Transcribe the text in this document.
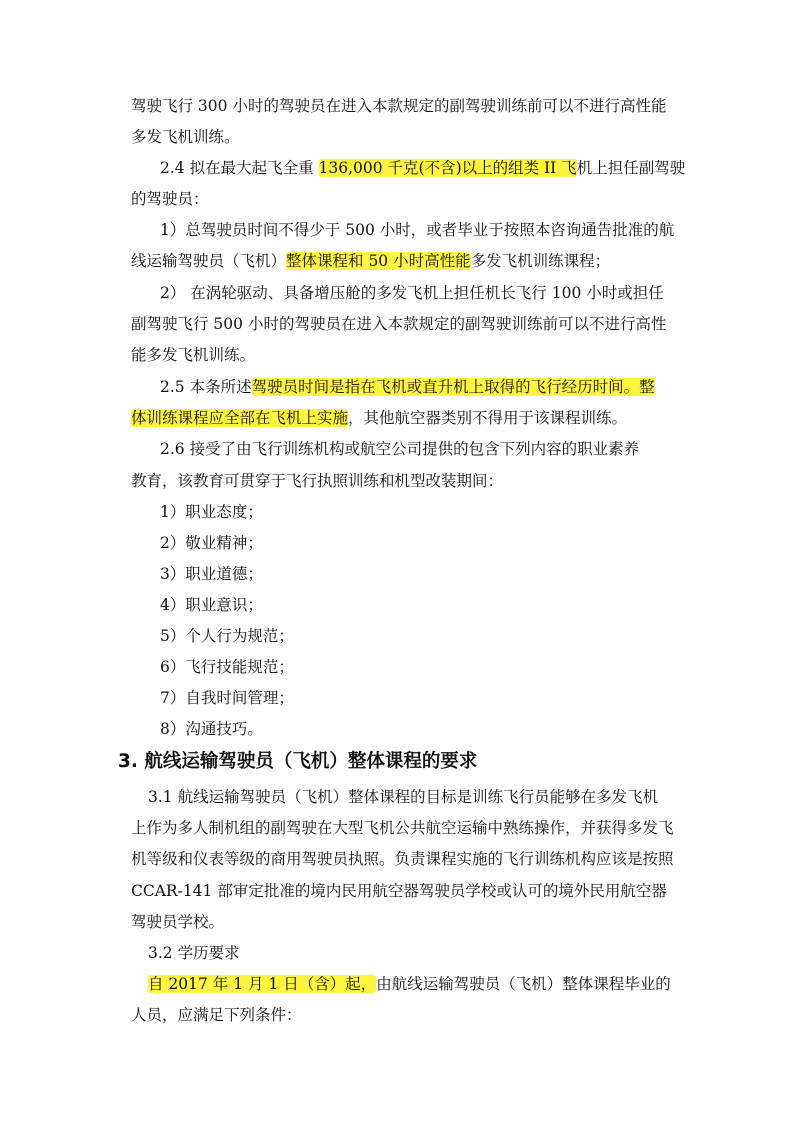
驾驶飞行 300 小时的驾驶员在进入本款规定的副驾驶训练前可以不进行高性能
多发飞机训练。
2.4 拟在最大起飞全重 136,000 千克(不含)以上的组类 II 飞机上担任副驾驶
的驾驶员：
1）总驾驶员时间不得少于 500 小时，或者毕业于按照本咨询通告批准的航
线运输驾驶员（飞机）整体课程和 50 小时高性能多发飞机训练课程；
2） 在涡轮驱动、具备增压舱的多发飞机上担任机长飞行 100 小时或担任
副驾驶飞行 500 小时的驾驶员在进入本款规定的副驾驶训练前可以不进行高性
能多发飞机训练。
2.5 本条所述驾驶员时间是指在飞机或直升机上取得的飞行经历时间。整
体训练课程应全部在飞机上实施，其他航空器类别不得用于该课程训练。
2.6 接受了由飞行训练机构或航空公司提供的包含下列内容的职业素养
教育，该教育可贯穿于飞行执照训练和机型改装期间：
1）职业态度；
2）敬业精神；
3）职业道德；
4）职业意识；
5）个人行为规范；
6）飞行技能规范；
7）自我时间管理；
8）沟通技巧。
3. 航线运输驾驶员（飞机）整体课程的要求
3.1 航线运输驾驶员（飞机）整体课程的目标是训练飞行员能够在多发飞机
上作为多人制机组的副驾驶在大型飞机公共航空运输中熟练操作，并获得多发飞
机等级和仪表等级的商用驾驶员执照。负责课程实施的飞行训练机构应该是按照
CCAR-141 部审定批准的境内民用航空器驾驶员学校或认可的境外民用航空器
驾驶员学校。
3.2 学历要求
自 2017 年 1 月 1 日（含）起，由航线运输驾驶员（飞机）整体课程毕业的
人员，应满足下列条件：
